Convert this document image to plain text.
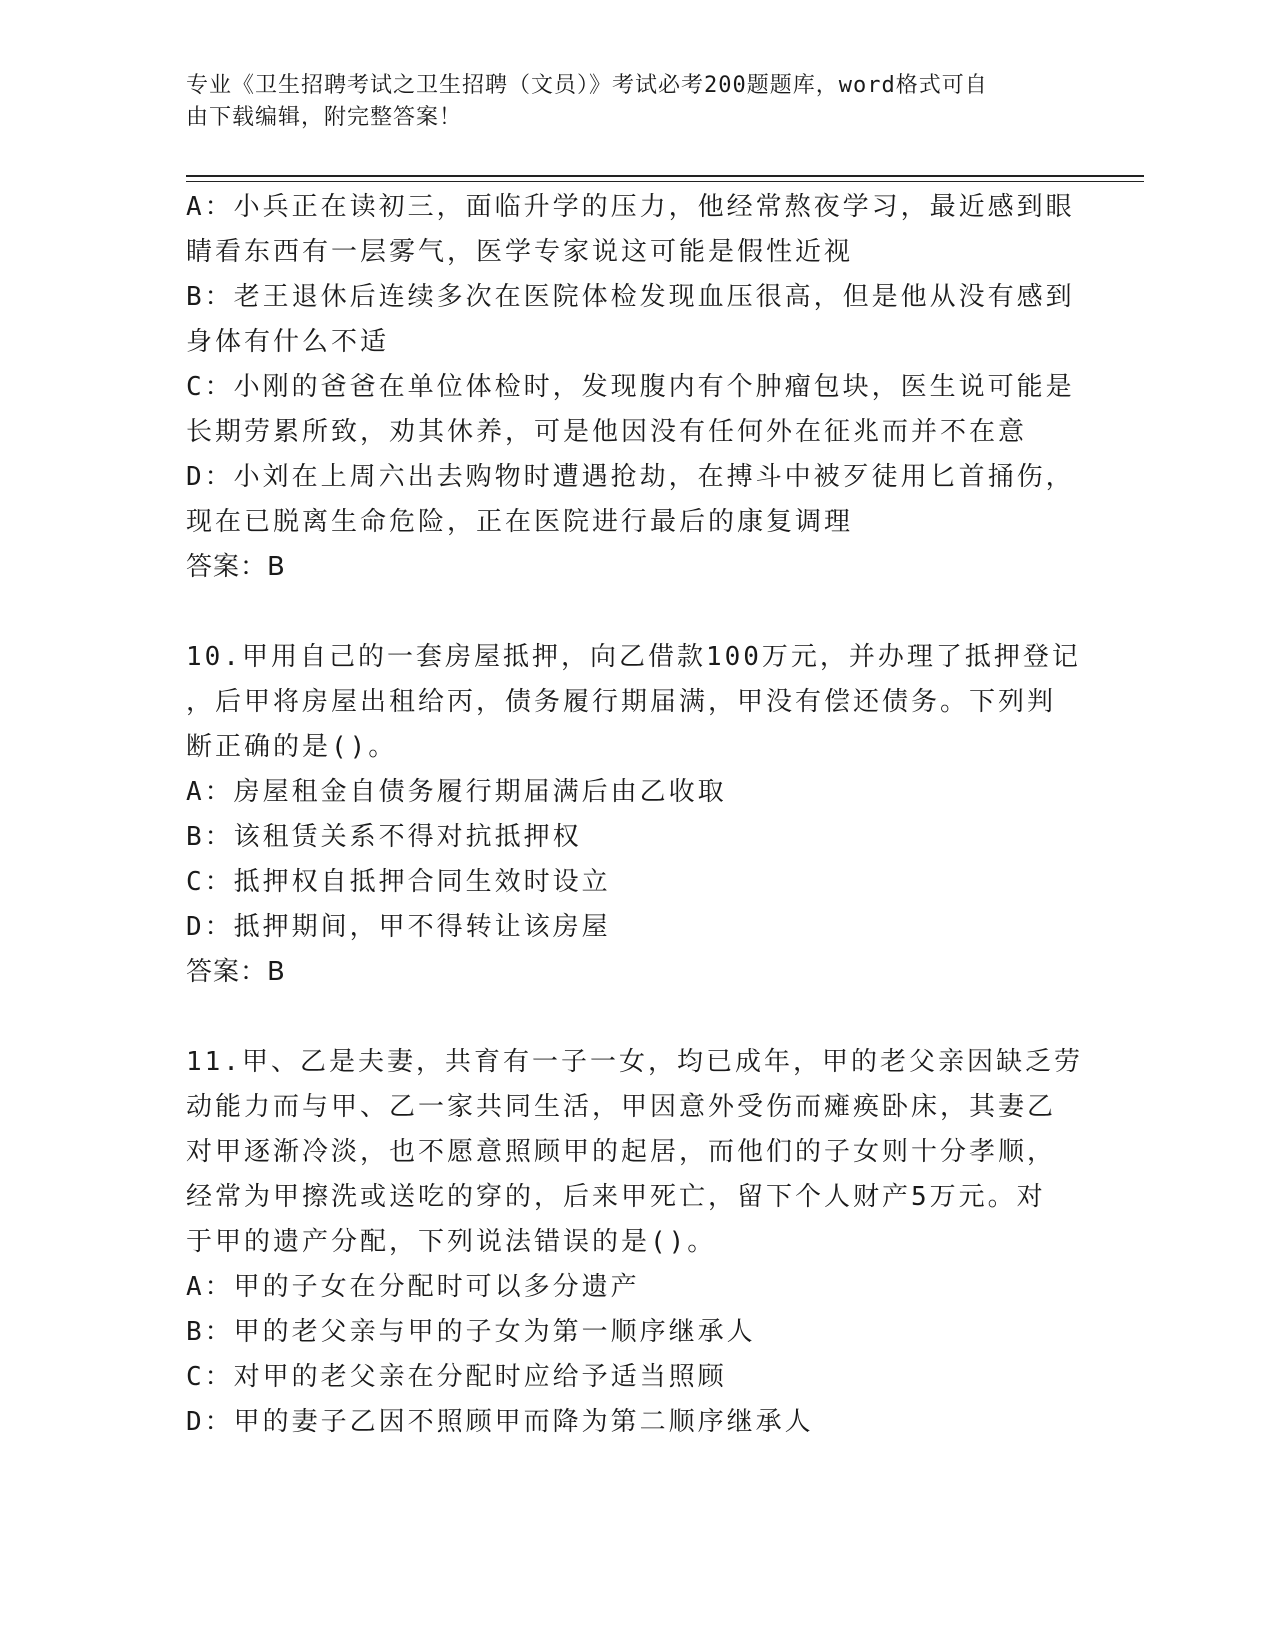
专业《卫生招聘考试之卫生招聘（文员）》考试必考200题题库，word格式可自
由下载编辑，附完整答案！
A：小兵正在读初三，面临升学的压力，他经常熬夜学习，最近感到眼
睛看东西有一层雾气，医学专家说这可能是假性近视
B：老王退休后连续多次在医院体检发现血压很高，但是他从没有感到
身体有什么不适
C：小刚的爸爸在单位体检时，发现腹内有个肿瘤包块，医生说可能是
长期劳累所致，劝其休养，可是他因没有任何外在征兆而并不在意
D：小刘在上周六出去购物时遭遇抢劫，在搏斗中被歹徒用匕首捅伤，
现在已脱离生命危险，正在医院进行最后的康复调理
答案：B
10.甲用自己的一套房屋抵押，向乙借款100万元，并办理了抵押登记
，后甲将房屋出租给丙，债务履行期届满，甲没有偿还债务。下列判
断正确的是()。
A：房屋租金自债务履行期届满后由乙收取
B：该租赁关系不得对抗抵押权
C：抵押权自抵押合同生效时设立
D：抵押期间，甲不得转让该房屋
答案：B
11.甲、乙是夫妻，共育有一子一女，均已成年，甲的老父亲因缺乏劳
动能力而与甲、乙一家共同生活，甲因意外受伤而瘫痪卧床，其妻乙
对甲逐渐冷淡，也不愿意照顾甲的起居，而他们的子女则十分孝顺，
经常为甲擦洗或送吃的穿的，后来甲死亡，留下个人财产5万元。对
于甲的遗产分配，下列说法错误的是()。
A：甲的子女在分配时可以多分遗产
B：甲的老父亲与甲的子女为第一顺序继承人
C：对甲的老父亲在分配时应给予适当照顾
D：甲的妻子乙因不照顾甲而降为第二顺序继承人
